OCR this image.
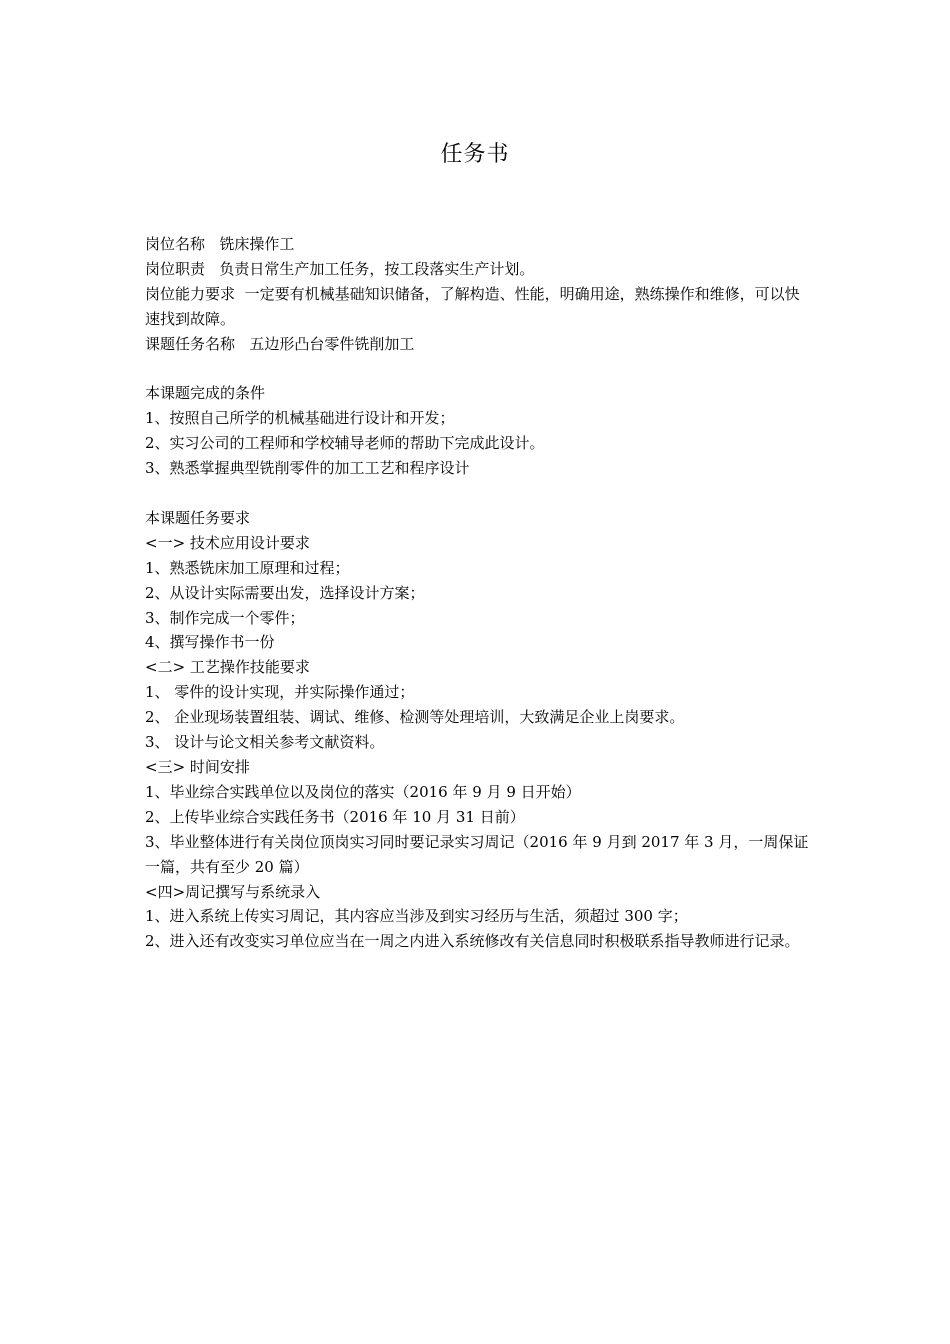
任务书

岗位名称 铣床操作工

岗位职责 负责日常生产加工任务，按工段落实生产计划。

岗位能力要求 一定要有机械基础知识储备，了解构造、性能，明确用途，熟练操作和维修，可以快速找到故障。

课题任务名称 五边形凸台零件铣削加工

本课题完成的条件

1、按照自己所学的机械基础进行设计和开发；

2、实习公司的工程师和学校辅导老师的帮助下完成此设计。

3、熟悉掌握典型铣削零件的加工工艺和程序设计

本课题任务要求

<一> 技术应用设计要求

1、熟悉铣床加工原理和过程；

2、从设计实际需要出发，选择设计方案；

3、制作完成一个零件；

4、撰写操作书一份

<二> 工艺操作技能要求

1、 零件的设计实现，并实际操作通过；

2、 企业现场装置组装、调试、维修、检测等处理培训，大致满足企业上岗要求。

3、 设计与论文相关参考文献资料。

<三> 时间安排

1、毕业综合实践单位以及岗位的落实（2016 年 9 月 9 日开始）

2、上传毕业综合实践任务书（2016 年 10 月 31 日前）

3、毕业整体进行有关岗位顶岗实习同时要记录实习周记（2016 年 9 月到 2017 年 3 月，一周保证一篇，共有至少 20 篇）

<四>周记撰写与系统录入

1、进入系统上传实习周记，其内容应当涉及到实习经历与生活，须超过 300 字；

2、进入还有改变实习单位应当在一周之内进入系统修改有关信息同时积极联系指导教师进行记录。
